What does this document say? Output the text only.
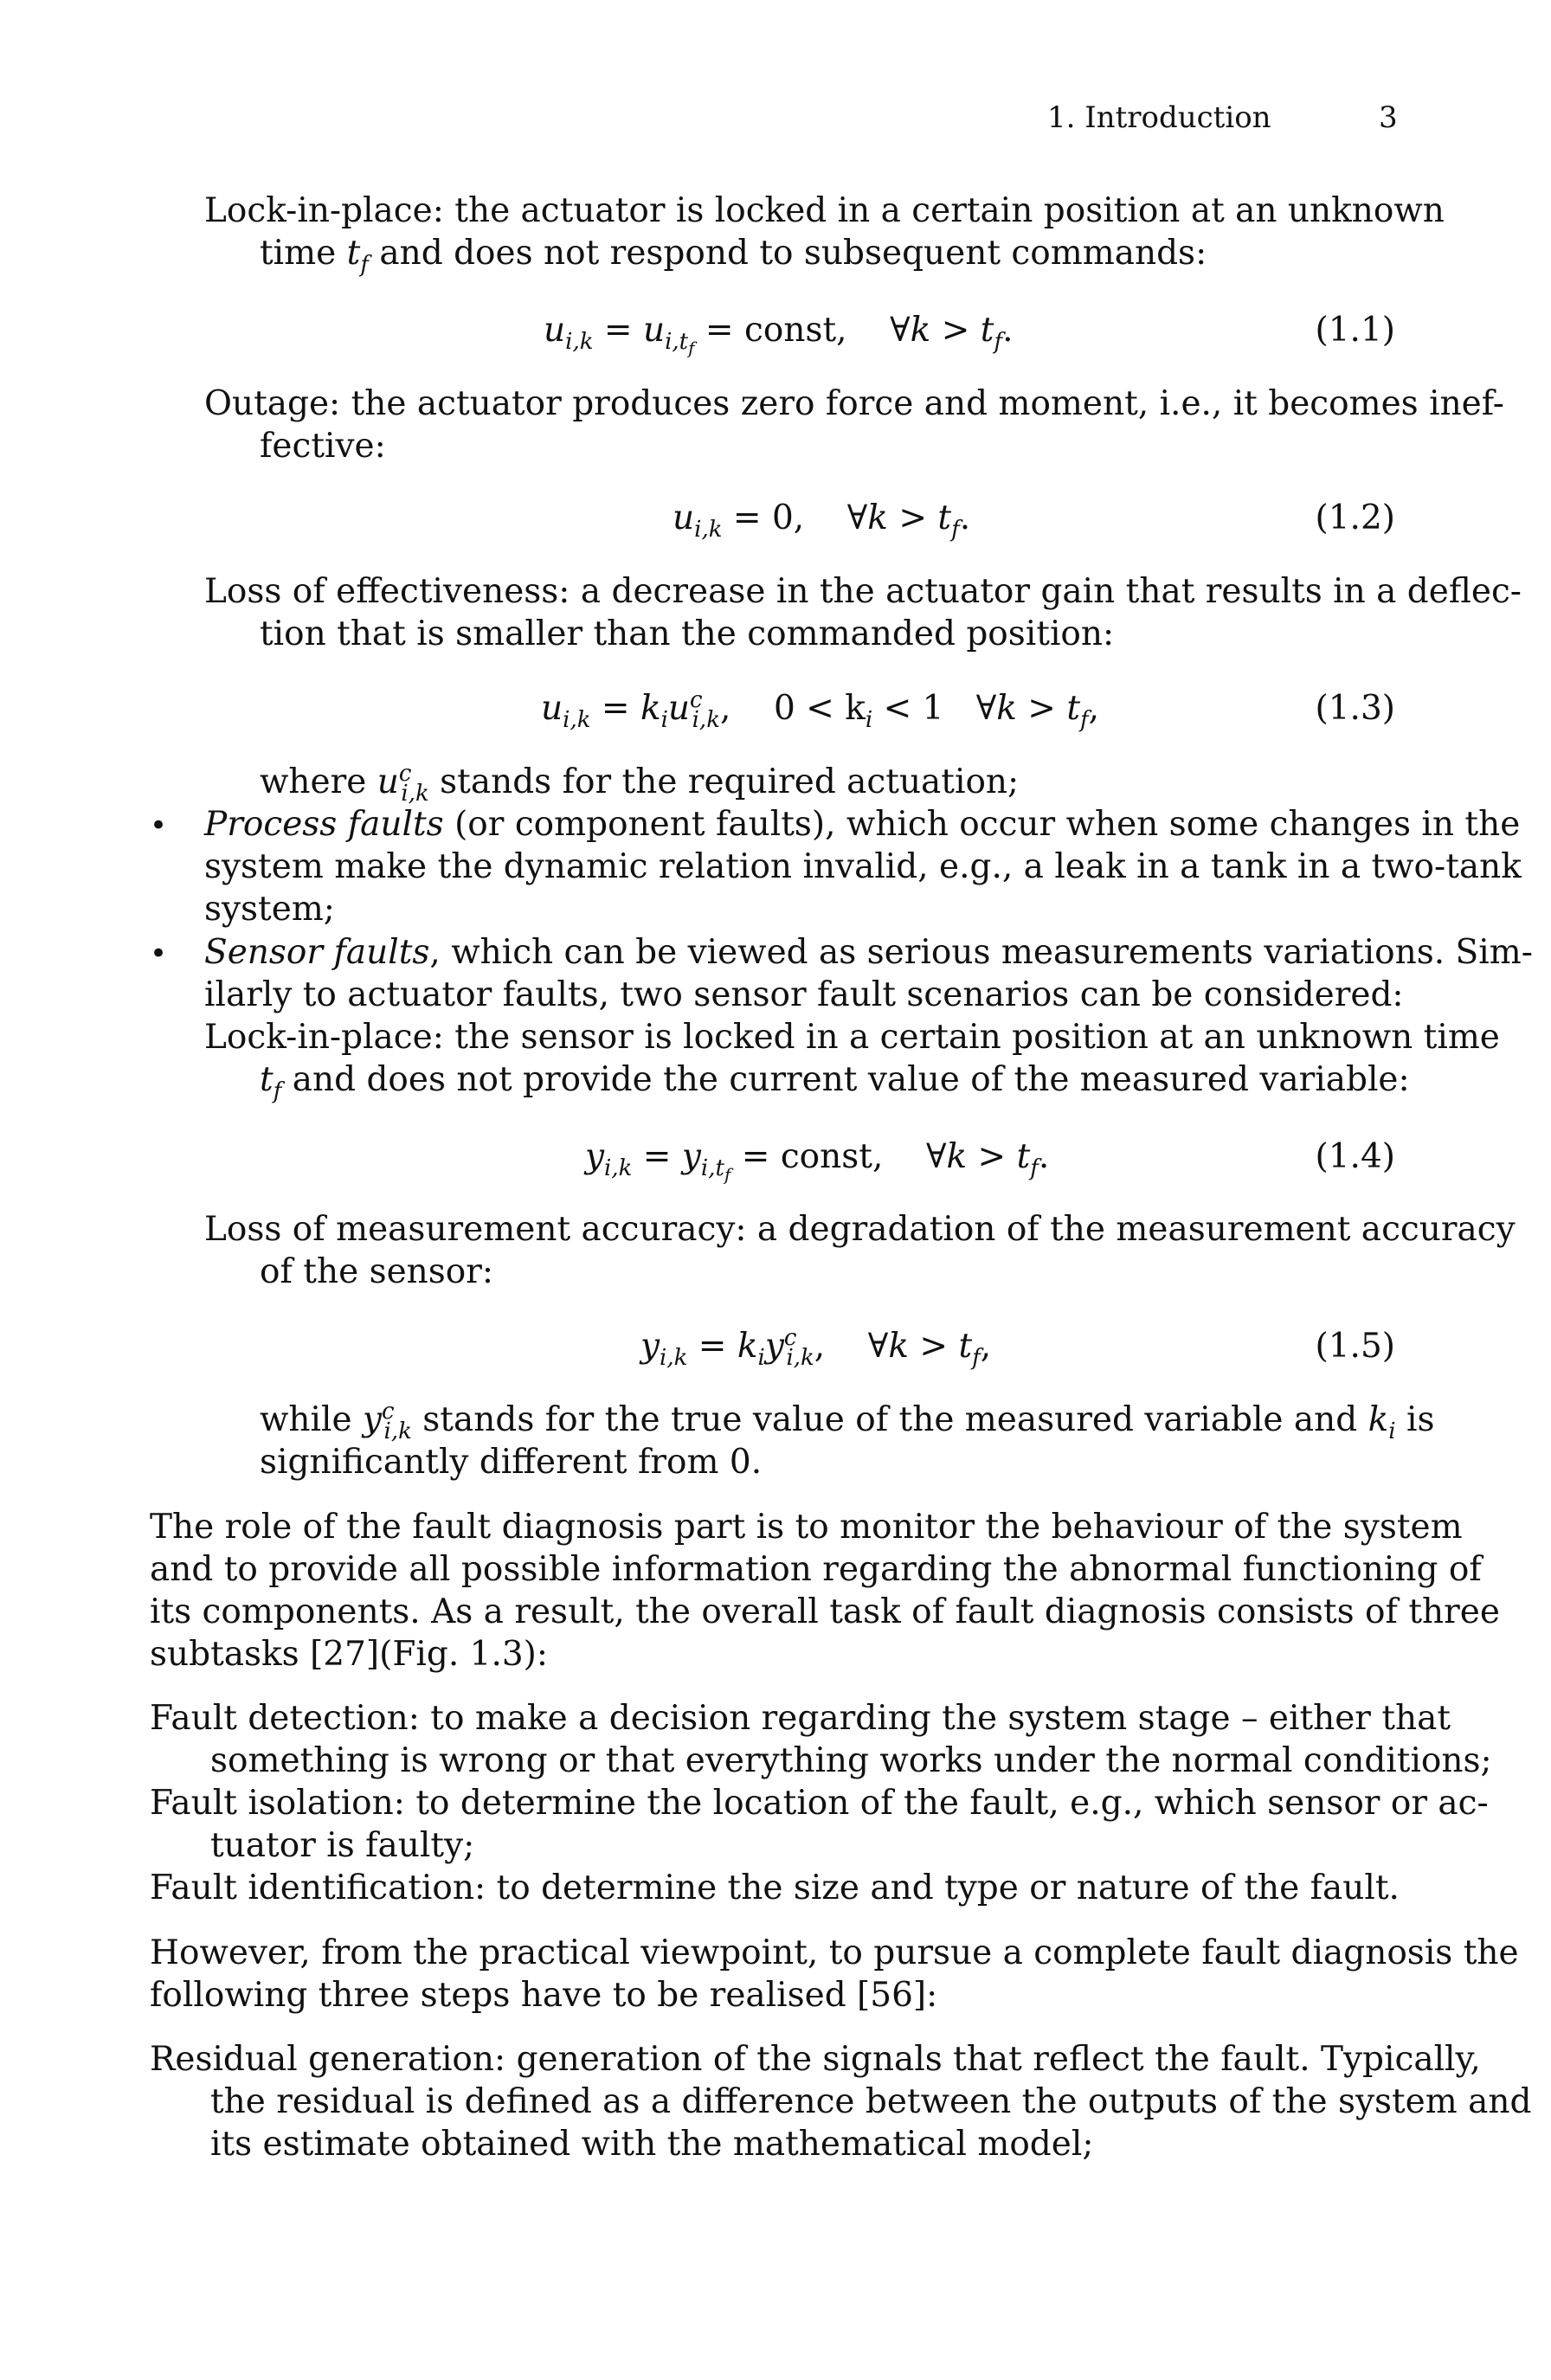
1. Introduction	3
Lock-in-place: the actuator is locked in a certain position at an unknown
time $t_f$ and does not respond to subsequent commands:
$u_{i,k} = u_{i,t_f}$ = const, ∀k > $t_f$.	(1.1)
Outage: the actuator produces zero force and moment, i.e., it becomes inef-
fective:
$u_{i,k} = 0$,    ∀k > $t_f$.	(1.2)
Loss of effectiveness: a decrease in the actuator gain that results in a deflec-
tion that is smaller than the commanded position:
$u_{i,k} = k_iu^c_{i,k}$,    $0 < k_i < 1$   ∀k > $t_f$,	(1.3)
where $u^c_{i,k}$ stands for the required actuation;
• Process faults (or component faults), which occur when some changes in the
system make the dynamic relation invalid, e.g., a leak in a tank in a two-tank
system;
• Sensor faults, which can be viewed as serious measurements variations. Sim-
ilarly to actuator faults, two sensor fault scenarios can be considered:
Lock-in-place: the sensor is locked in a certain position at an unknown time
$t_f$ and does not provide the current value of the measured variable:
$y_{i,k} = y_{i,t_f}$ = const,    ∀k > $t_f$.	(1.4)
Loss of measurement accuracy: a degradation of the measurement accuracy
of the sensor:
$y_{i,k} = k_iy^c_{i,k}$,    ∀k > $t_f$,	(1.5)
while $y^c_{i,k}$ stands for the true value of the measured variable and $k_i$ is
significantly different from 0.
The role of the fault diagnosis part is to monitor the behaviour of the system
and to provide all possible information regarding the abnormal functioning of
its components. As a result, the overall task of fault diagnosis consists of three
subtasks [27](Fig. 1.3):
Fault detection: to make a decision regarding the system stage – either that
something is wrong or that everything works under the normal conditions;
Fault isolation: to determine the location of the fault, e.g., which sensor or ac-
tuator is faulty;
Fault identification: to determine the size and type or nature of the fault.
However, from the practical viewpoint, to pursue a complete fault diagnosis the
following three steps have to be realised [56]:
Residual generation: generation of the signals that reflect the fault. Typically,
the residual is defined as a difference between the outputs of the system and
its estimate obtained with the mathematical model;
